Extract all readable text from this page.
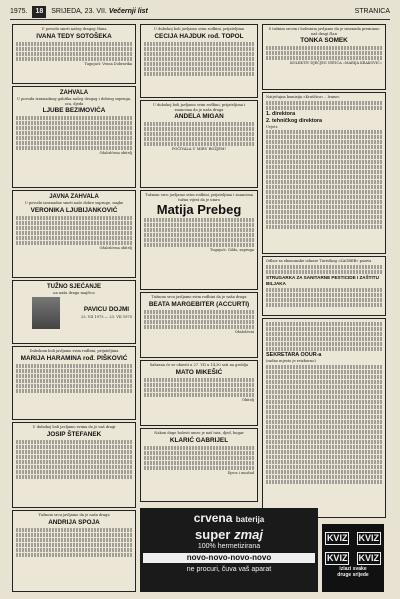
1975. 18 SRIJEDA, 23. VII. Večernji list	STRANICA
U povodu smrti našeg dragog člana
IVANA TEDY SOTOŠEKA
Tugujući: Vesna Dobravika
ZAHVALA
U povodu iznenadnog gubitka našeg dragog i dobrog supruga, oca, djeda
LJUBE BEZIMOVIĆA
Ožalošćena obitelj
JAVNA ZAHVALA
U povodu iznenadne smrti naše dobre supruge, majke
VERONIKA LJUBIJANKOVIĆ
Ožalošćena obitelj
TUŽNO SJEĆANJE
na našu dragu majčicu
PAVICU DOJMI
23. VII 1973 — 23. VII 1975
Dubokom boli javljamo svim rodbini, prijateljima
MARIJA HARAMINA rođ. PIŠKOVIĆ
U dubokoj boli javljamo svima da je naš dragi
JOSIP ŠTEFANEK
Tužnom srcu javljamo da je naša draga
ANDRIJA SPOJA
U dubokoj boli javljamo svim rodbini, prijateljima
CECIJA HAJDUK rođ. TOPOL
U dubokoj boli javljamo svim rodbini, prijateljima i znancima da je naša draga
ANDELA MIGAN
POČIVALA U MIRU BOŽJEM!
Tužnom srcu javljamo svim rodbini, prijateljima i znancima tužnu vijest da je umro
Matija Prebeg
Tugujući: Gildo, supruga
Tužnom srcu javljamo svim rodbini da je naša draga
BEATA MARGEBITER (ACCURTI)
Ožalošćeni
Sahrana će se obaviti u 27. VII u 14,30 sati na groblju
MATO MIKEŠIĆ
Obitelj
Nakon duge bolesti umro je naš tata, djed, bugar
KLARIĆ GABRIJEL
Djeca i unučad
S tužnim srcem i bolesnim javljamo da je iznenada preminuo naš dragi član
TONKA SOMEK
KOLEKTIV DJEČJEG VRTIĆA »MARIJA KRAKOVIĆ«
Natječajna komisija »Kruščica« – Ivanec
1. direktora
2. tehničkog direktora
Uvjeti:
Odbor za ekonomske odnose Turistkog »ZAGREB« poziva
STRUGARKA ZA SANITARNE PESTICIDE I ZAŠTITU BILJAKA
SEKRETARA OOUR-a
(radno mjesto je reizborno)
crvena baterija
super zmaj
100% hermetizirana
novo-novo-novo-novo
ne procuri, čuva vaš aparat
KVIZ KVIZ KVIZ KVIZ
izlazi svake
druge srijede
